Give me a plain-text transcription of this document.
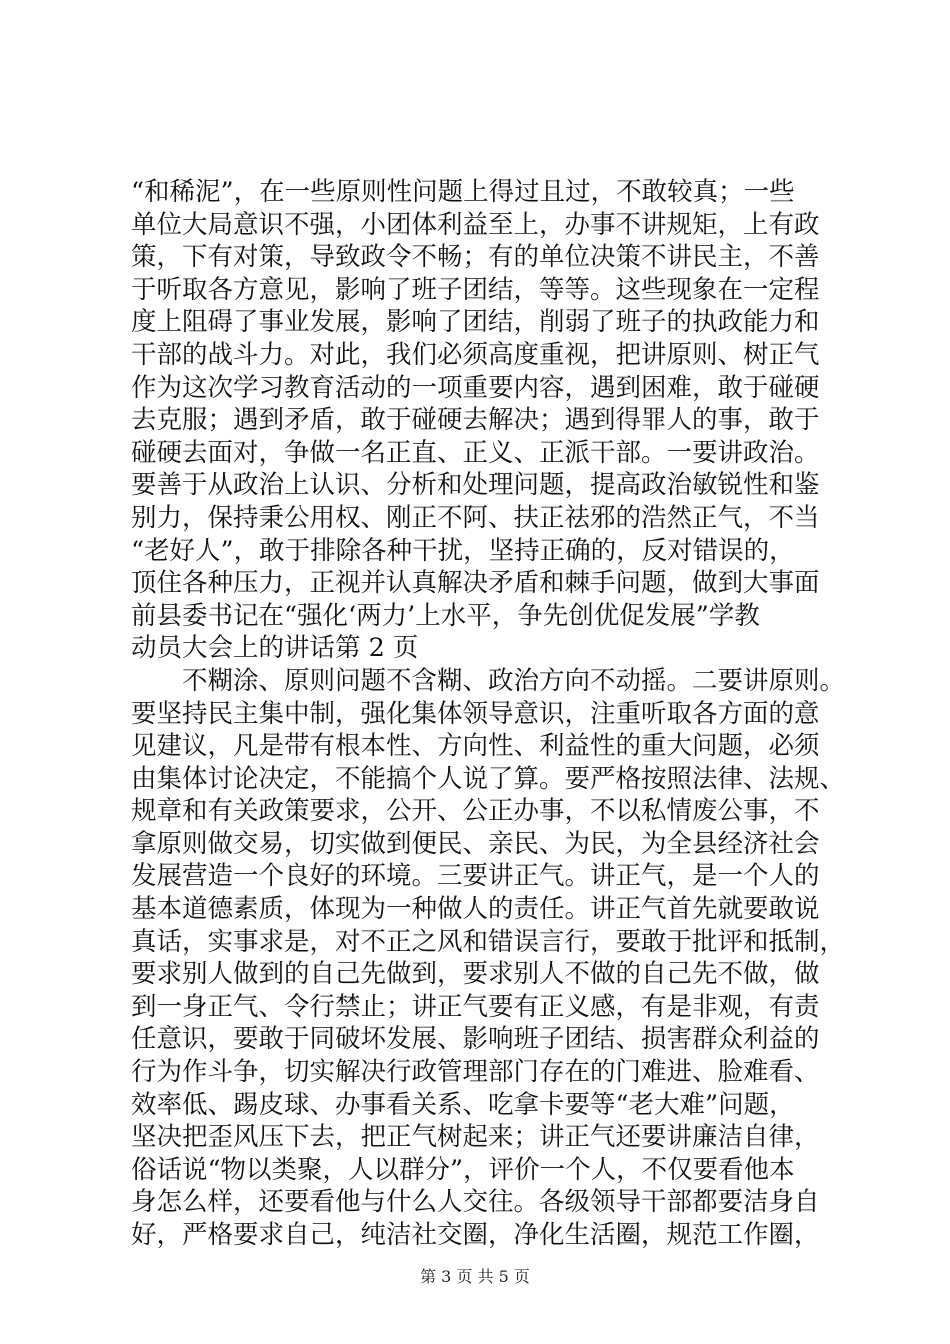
“和稀泥”，在一些原则性问题上得过且过，不敢较真；一些
单位大局意识不强，小团体利益至上，办事不讲规矩，上有政
策，下有对策，导致政令不畅；有的单位决策不讲民主，不善
于听取各方意见，影响了班子团结，等等。这些现象在一定程
度上阻碍了事业发展，影响了团结，削弱了班子的执政能力和
干部的战斗力。对此，我们必须高度重视，把讲原则、树正气
作为这次学习教育活动的一项重要内容，遇到困难，敢于碰硬
去克服；遇到矛盾，敢于碰硬去解决；遇到得罪人的事，敢于
碰硬去面对，争做一名正直、正义、正派干部。一要讲政治。
要善于从政治上认识、分析和处理问题，提高政治敏锐性和鉴
别力，保持秉公用权、刚正不阿、扶正祛邪的浩然正气，不当
“老好人”，敢于排除各种干扰，坚持正确的，反对错误的，
顶住各种压力，正视并认真解决矛盾和棘手问题，做到大事面
前县委书记在“强化‘两力’上水平，争先创优促发展”学教
动员大会上的讲话第 2 页
不糊涂、原则问题不含糊、政治方向不动摇。二要讲原则。
要坚持民主集中制，强化集体领导意识，注重听取各方面的意
见建议，凡是带有根本性、方向性、利益性的重大问题，必须
由集体讨论决定，不能搞个人说了算。要严格按照法律、法规、
规章和有关政策要求，公开、公正办事，不以私情废公事，不
拿原则做交易，切实做到便民、亲民、为民，为全县经济社会
发展营造一个良好的环境。三要讲正气。讲正气，是一个人的
基本道德素质，体现为一种做人的责任。讲正气首先就要敢说
真话，实事求是，对不正之风和错误言行，要敢于批评和抵制，
要求别人做到的自己先做到，要求别人不做的自己先不做，做
到一身正气、令行禁止；讲正气要有正义感，有是非观，有责
任意识，要敢于同破坏发展、影响班子团结、损害群众利益的
行为作斗争，切实解决行政管理部门存在的门难进、脸难看、
效率低、踢皮球、办事看关系、吃拿卡要等“老大难”问题，
坚决把歪风压下去，把正气树起来；讲正气还要讲廉洁自律，
俗话说“物以类聚，人以群分”，评价一个人，不仅要看他本
身怎么样，还要看他与什么人交往。各级领导干部都要洁身自
好，严格要求自己，纯洁社交圈，净化生活圈，规范工作圈，
第 3 页 共 5 页
